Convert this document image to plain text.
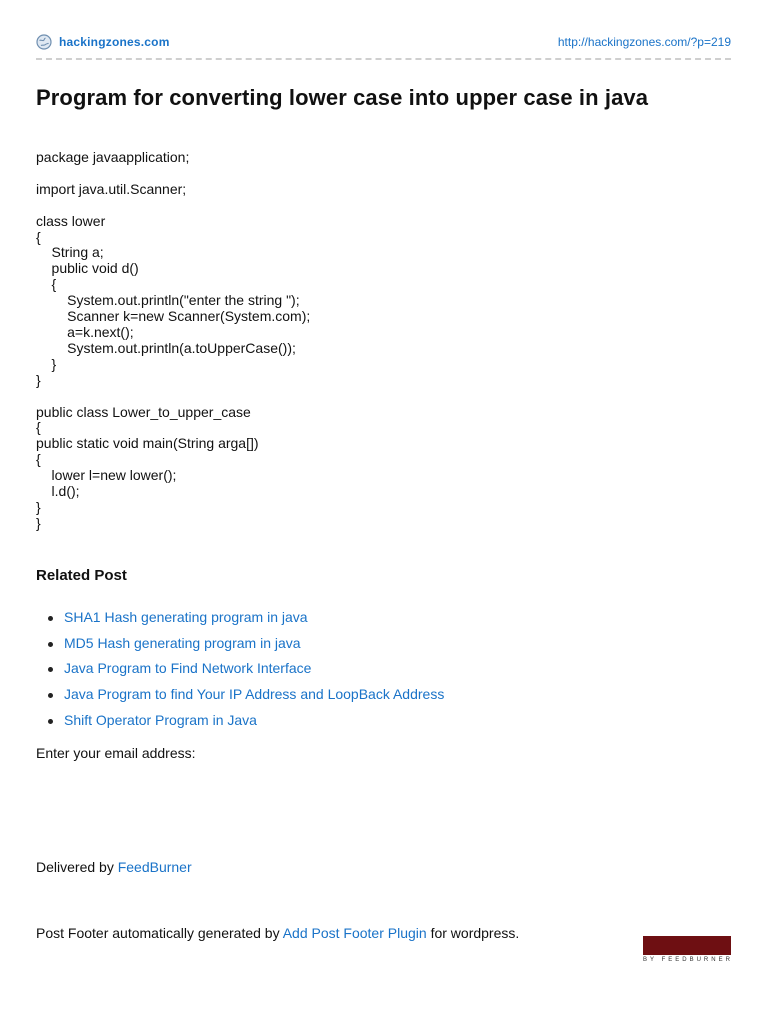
hackingzones.com	http://hackingzones.com/?p=219
Program for converting lower case into upper case in java
package javaapplication;

import java.util.Scanner;

class lower
{
String a;
public void d()
{
System.out.println("enter the string ");
Scanner k=new Scanner(System.com);
a=k.next();
System.out.println(a.toUpperCase());
}
}

public class Lower_to_upper_case
{
public static void main(String arga[])
{
lower l=new lower();
l.d();
}
}
Related Post
SHA1 Hash generating program in java
MD5 Hash generating program in java
Java Program to Find Network Interface
Java Program to find Your IP Address and LoopBack Address
Shift Operator Program in Java
Enter your email address:
Delivered by FeedBurner
Post Footer automatically generated by Add Post Footer Plugin for wordpress.
BY FEEDBURNER
